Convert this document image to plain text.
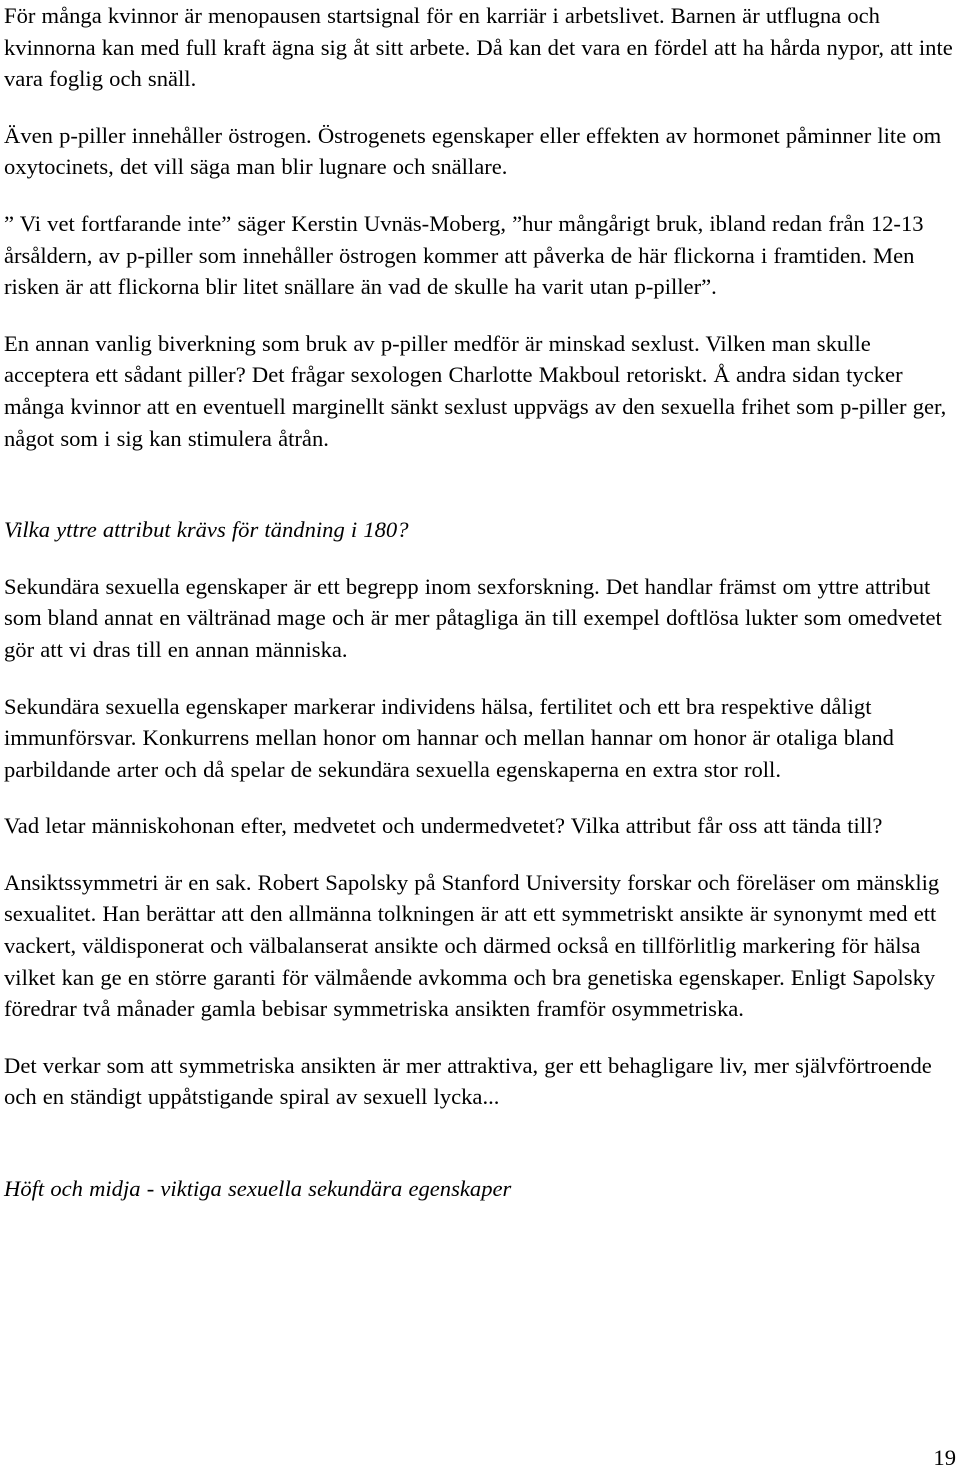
För många kvinnor är menopausen startsignal för en karriär i arbetslivet. Barnen är utflugna och kvinnorna kan med full kraft ägna sig åt sitt arbete. Då kan det vara en fördel att ha hårda nypor, att inte vara foglig och snäll.

Även p-piller innehåller östrogen. Östrogenets egenskaper eller effekten av hormonet påminner lite om oxytocinets, det vill säga man blir lugnare och snällare.

” Vi vet fortfarande inte” säger Kerstin Uvnäs-Moberg, ”hur mångårigt bruk, ibland redan från 12-13 årsåldern, av p-piller som innehåller östrogen kommer att påverka de här flickorna i framtiden. Men risken är att flickorna blir litet snällare än vad de skulle ha varit utan p-piller”.

En annan vanlig biverkning som bruk av p-piller medför är minskad sexlust. Vilken man skulle acceptera ett sådant piller? Det frågar sexologen Charlotte Makboul retoriskt. Å andra sidan tycker många kvinnor att en eventuell marginellt sänkt sexlust uppvägs av den sexuella frihet som p-piller ger, något som i sig kan stimulera åtrån.

Vilka yttre attribut krävs för tändning i 180?

Sekundära sexuella egenskaper är ett begrepp inom sexforskning. Det handlar främst om yttre attribut som bland annat en vältränad mage och är mer påtagliga än till exempel doftlösa lukter som omedvetet gör att vi dras till en annan människa.

Sekundära sexuella egenskaper markerar individens hälsa, fertilitet och ett bra respektive dåligt immunförsvar. Konkurrens mellan honor om hannar och mellan hannar om honor är otaliga bland parbildande arter och då spelar de sekundära sexuella egenskaperna en extra stor roll.

Vad letar människohonan efter, medvetet och undermedvetet? Vilka attribut får oss att tända till?

Ansiktssymmetri är en sak. Robert Sapolsky på Stanford University forskar och föreläser om mänsklig sexualitet. Han berättar att den allmänna tolkningen är att ett symmetriskt ansikte är synonymt med ett vackert, väldisponerat och välbalanserat ansikte och därmed också en tillförlitlig markering för hälsa vilket kan ge en större garanti för välmående avkomma och bra genetiska egenskaper. Enligt Sapolsky föredrar två månader gamla bebisar symmetriska ansikten framför osymmetriska.

Det verkar som att symmetriska ansikten är mer attraktiva, ger ett behagligare liv, mer självförtroende och en ständigt uppåtstigande spiral av sexuell lycka...

Höft och midja - viktiga sexuella sekundära egenskaper

19
